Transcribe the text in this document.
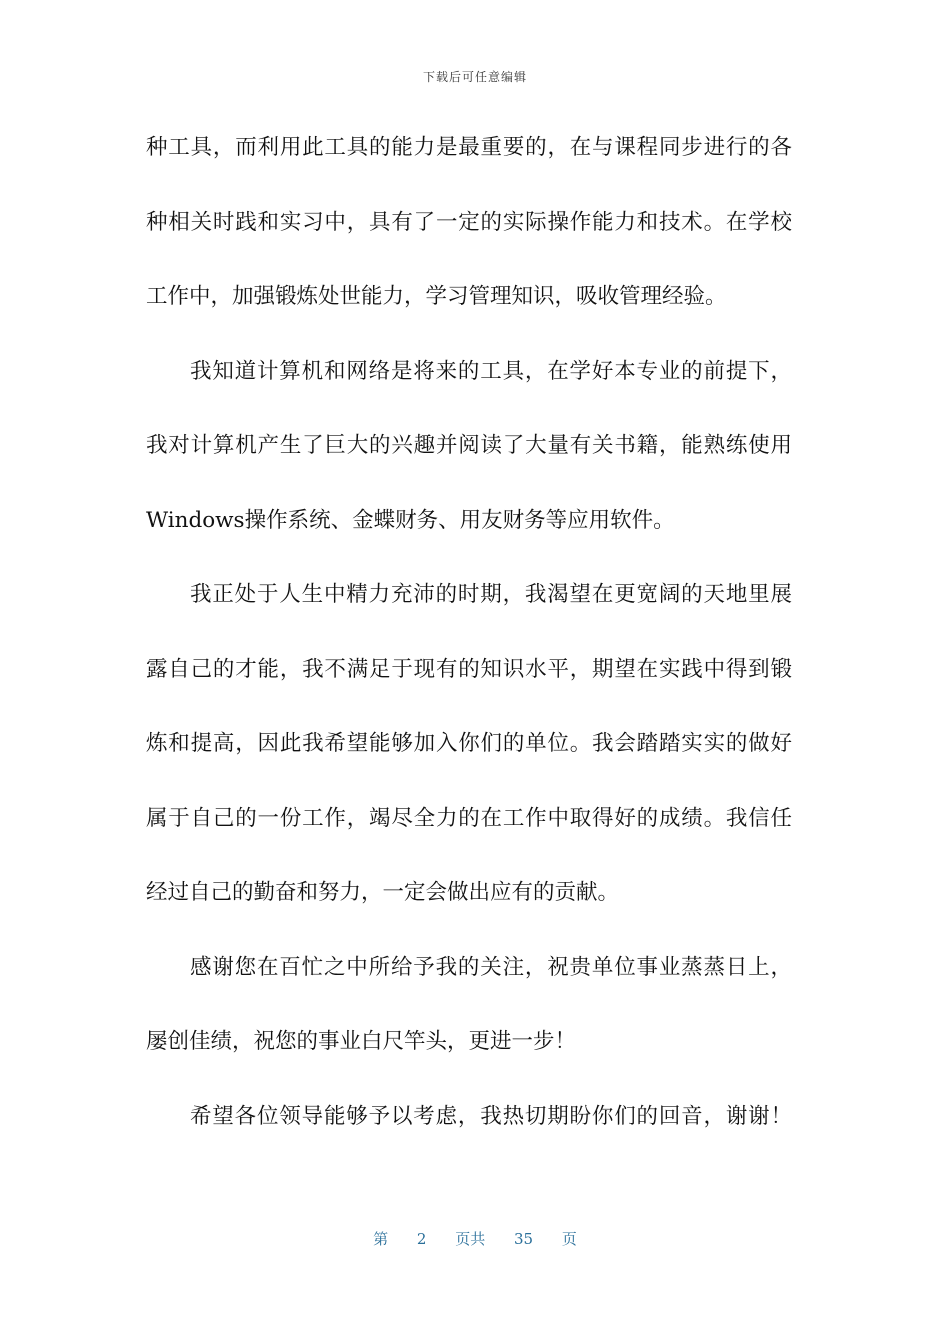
下载后可任意编辑
种工具，而利用此工具的能力是最重要的，在与课程同步进行的各
种相关时践和实习中，具有了一定的实际操作能力和技术。在学校
工作中，加强锻炼处世能力，学习管理知识，吸收管理经验。
我知道计算机和网络是将来的工具，在学好本专业的前提下，
我对计算机产生了巨大的兴趣并阅读了大量有关书籍，能熟练使用
Windows操作系统、金蝶财务、用友财务等应用软件。
我正处于人生中精力充沛的时期，我渴望在更宽阔的天地里展
露自己的才能，我不满足于现有的知识水平，期望在实践中得到锻
炼和提高，因此我希望能够加入你们的单位。我会踏踏实实的做好
属于自己的一份工作，竭尽全力的在工作中取得好的成绩。我信任
经过自己的勤奋和努力，一定会做出应有的贡献。
感谢您在百忙之中所给予我的关注，祝贵单位事业蒸蒸日上，
屡创佳绩，祝您的事业白尺竿头，更进一步！
希望各位领导能够予以考虑，我热切期盼你们的回音，谢谢！
第 2 页共 35 页
